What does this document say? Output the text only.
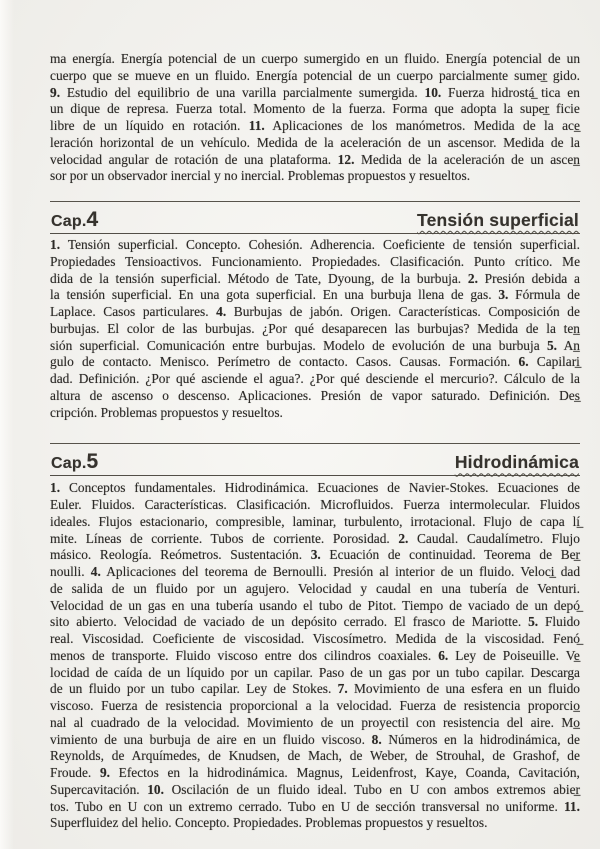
ma energía. Energía potencial de un cuerpo sumergido en un fluido. Energía potencial de un
cuerpo que se mueve en un fluido. Energía potencial de un cuerpo parcialmente sumer̲ gido.
9. Estudio del equilibrio de una varilla parcialmente sumergida. 10. Fuerza hidrostá̲ tica en
un dique de represa. Fuerza total. Momento de la fuerza. Forma que adopta la super̲ ficie
libre de un líquido en rotación. 11. Aplicaciones de los manómetros. Medida de la ace̲
leración horizontal de un vehículo. Medida de la aceleración de un ascensor. Medida de la
velocidad angular de rotación de una plataforma. 12. Medida de la aceleración de un ascen̲
sor por un observador inercial y no inercial. Problemas propuestos y resueltos.
Cap.4	Tensión superficial
1. Tensión superficial. Concepto. Cohesión. Adherencia. Coeficiente de tensión superficial.
Propiedades Tensioactivos. Funcionamiento. Propiedades. Clasificación. Punto crítico. Me
dida de la tensión superficial. Método de Tate, Dyoung, de la burbuja. 2. Presión debida a
la tensión superficial. En una gota superficial. En una burbuja llena de gas. 3. Fórmula de
Laplace. Casos particulares. 4. Burbujas de jabón. Origen. Características. Composición de
burbujas. El color de las burbujas. ¿Por qué desaparecen las burbujas? Medida de la ten̲
sión superficial. Comunicación entre burbujas. Modelo de evolución de una burbuja 5. An̲
gulo de contacto. Menisco. Perímetro de contacto. Casos. Causas. Formación. 6. Capilari̲
dad. Definición. ¿Por qué asciende el agua?. ¿Por qué desciende el mercurio?. Cálculo de la
altura de ascenso o descenso. Aplicaciones. Presión de vapor saturado. Definición. Des̲
cripción. Problemas propuestos y resueltos.
Cap.5	Hidrodinámica
1. Conceptos fundamentales. Hidrodinámica. Ecuaciones de Navier-Stokes. Ecuaciones de
Euler. Fluidos. Características. Clasificación. Microfluidos. Fuerza intermolecular. Fluidos
ideales. Flujos estacionario, compresible, laminar, turbulento, irrotacional. Flujo de capa lí̲
mite. Líneas de corriente. Tubos de corriente. Porosidad. 2. Caudal. Caudalímetro. Flujo
másico. Reología. Reómetros. Sustentación. 3. Ecuación de continuidad. Teorema de Ber̲
noulli. 4. Aplicaciones del teorema de Bernoulli. Presión al interior de un fluido. Veloci̲ dad
de salida de un fluido por un agujero. Velocidad y caudal en una tubería de Venturi.
Velocidad de un gas en una tubería usando el tubo de Pitot. Tiempo de vaciado de un depó̲
sito abierto. Velocidad de vaciado de un depósito cerrado. El frasco de Mariotte. 5. Fluido
real. Viscosidad. Coeficiente de viscosidad. Viscosímetro. Medida de la viscosidad. Fenó̲
menos de transporte. Fluido viscoso entre dos cilindros coaxiales. 6. Ley de Poiseuille. Ve̲
locidad de caída de un líquido por un capilar. Paso de un gas por un tubo capilar. Descarga
de un fluido por un tubo capilar. Ley de Stokes. 7. Movimiento de una esfera en un fluido
viscoso. Fuerza de resistencia proporcional a la velocidad. Fuerza de resistencia proporcio̲
nal al cuadrado de la velocidad. Movimiento de un proyectil con resistencia del aire. Mo̲
vimiento de una burbuja de aire en un fluido viscoso. 8. Números en la hidrodinámica, de
Reynolds, de Arquímedes, de Knudsen, de Mach, de Weber, de Strouhal, de Grashof, de
Froude. 9. Efectos en la hidrodinámica. Magnus, Leidenfrost, Kaye, Coanda, Cavitación,
Supercavitación. 10. Oscilación de un fluido ideal. Tubo en U con ambos extremos abier̲
tos. Tubo en U con un extremo cerrado. Tubo en U de sección transversal no uniforme. 11.
Superfluidez del helio. Concepto. Propiedades. Problemas propuestos y resueltos.
